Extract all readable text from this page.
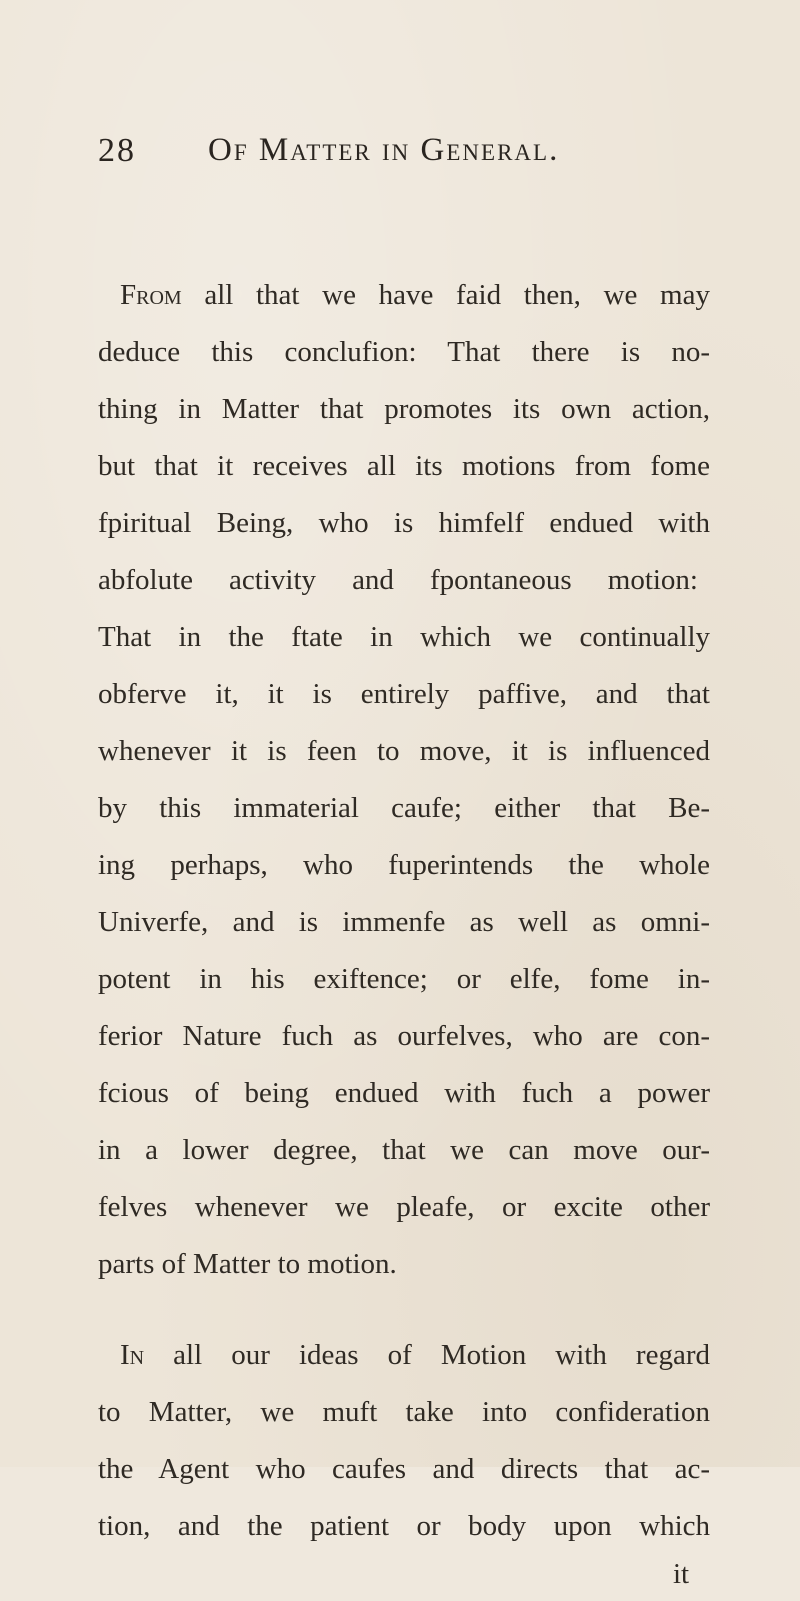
28 Of Matter in General.
From all that we have faid then, we may
deduce this conclufion: That there is no-
thing in Matter that promotes its own action,
but that it receives all its motions from fome
fpiritual Being, who is himfelf endued with
abfolute activity and fpontaneous motion:
That in the ftate in which we continually
obferve it, it is entirely paffive, and that
whenever it is feen to move, it is influenced
by this immaterial caufe; either that Be-
ing perhaps, who fuperintends the whole
Univerfe, and is immenfe as well as omni-
potent in his exiftence; or elfe, fome in-
ferior Nature fuch as ourfelves, who are con-
fcious of being endued with fuch a power
in a lower degree, that we can move our-
felves whenever we pleafe, or excite other
parts of Matter to motion.
In all our ideas of Motion with regard
to Matter, we muft take into confideration
the Agent who caufes and directs that ac-
tion, and the patient or body upon which
it
